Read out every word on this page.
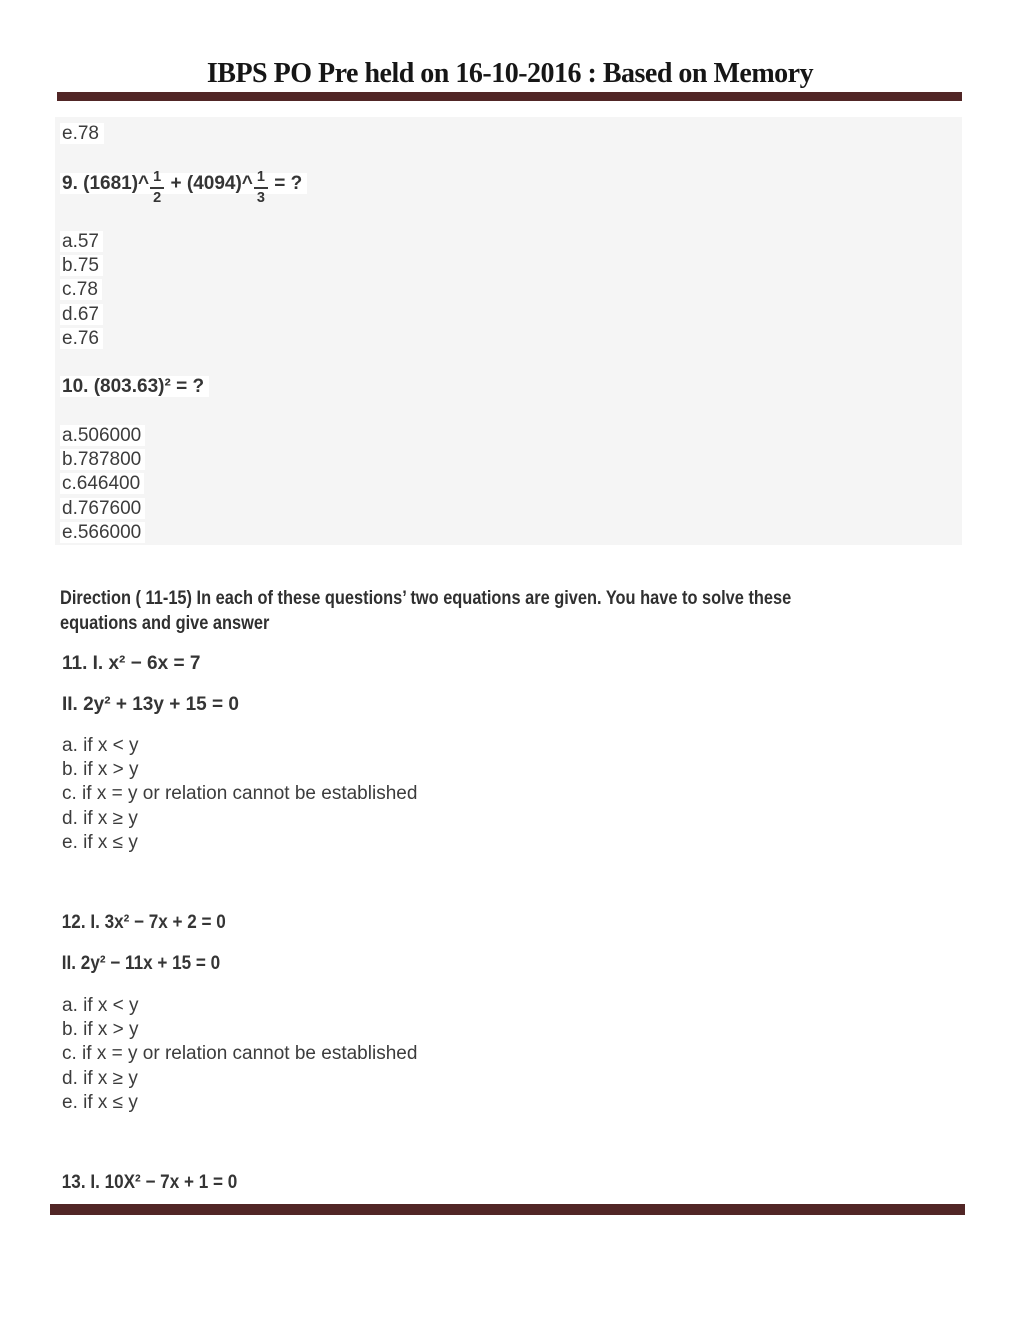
IBPS PO Pre held on 16-10-2016 : Based on Memory
e.78
9. (1681)^ $\frac{1}{2}$ + (4094)^ $\frac{1}{3}$ = ?
a.57
b.75
c.78
d.67
e.76
10. (803.63)² = ?
a.506000
b.787800
c.646400
d.767600
e.566000
Direction ( 11-15) In each of these questions’ two equations are given. You have to solve these
equations and give answer
11. I. x² − 6x = 7
II. 2y² + 13y + 15 = 0
a. if x < y
b. if x > y
c. if x = y or relation cannot be established
d. if x ≥ y
e. if x ≤ y
12. I. 3x² − 7x + 2 = 0
II. 2y² − 11x + 15 = 0
a. if x < y
b. if x > y
c. if x = y or relation cannot be established
d. if x ≥ y
e. if x ≤ y
13. I. 10X² − 7x + 1 = 0
